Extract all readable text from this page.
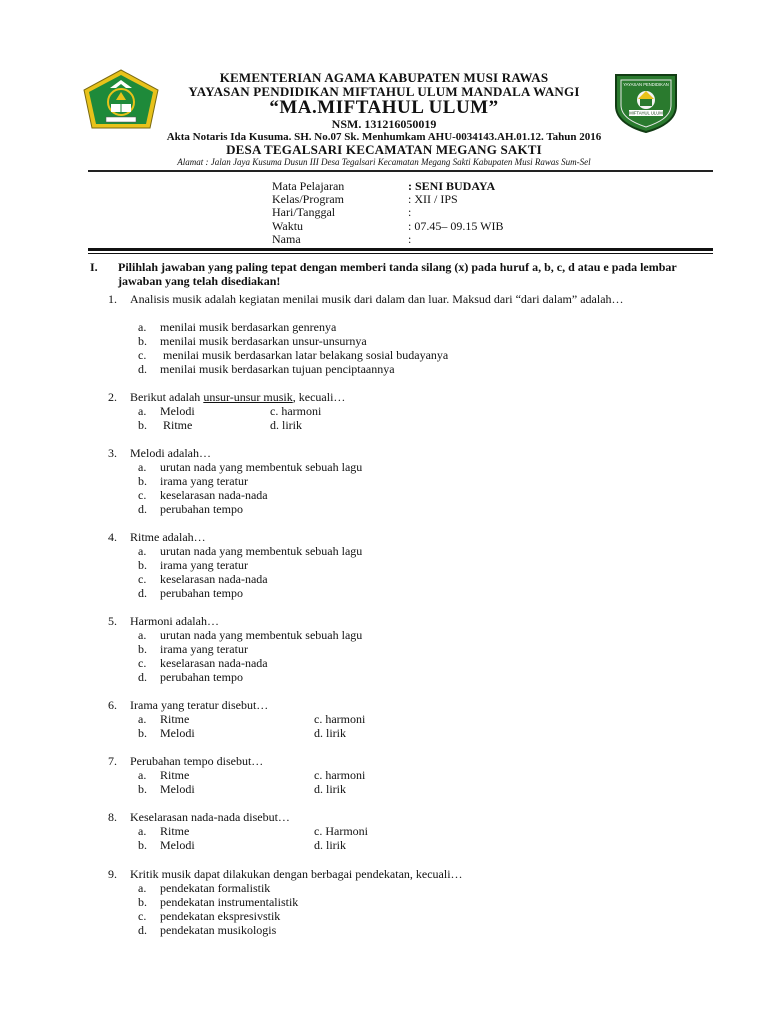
YAYASAN PENDIDIKAN
MIFTAHUL ULUM
KEMENTERIAN AGAMA KABUPATEN MUSI RAWAS
YAYASAN PENDIDIKAN MIFTAHUL ULUM MANDALA WANGI
“MA.MIFTAHUL ULUM”
NSM. 131216050019
Akta Notaris Ida Kusuma. SH. No.07 Sk. Menhumkam AHU-0034143.AH.01.12. Tahun 2016
DESA TEGALSARI KECAMATAN MEGANG SAKTI
Alamat : Jalan Jaya Kusuma Dusun III Desa Tegalsari Kecamatan Megang Sakti Kabupaten Musi Rawas Sum-Sel
Mata Pelajaran	: SENI BUDAYA
Kelas/Program	: XII / IPS
Hari/Tanggal	:
Waktu	: 07.45– 09.15 WIB
Nama	:
I. Pilihlah jawaban yang paling tepat dengan memberi tanda silang (x) pada huruf a, b, c, d atau e pada lembar jawaban yang telah disediakan!
1. Analisis musik adalah kegiatan menilai musik dari dalam dan luar. Maksud dari “dari dalam” adalah…
a. menilai musik berdasarkan genrenya
b. menilai musik berdasarkan unsur-unsurnya
c. menilai musik berdasarkan latar belakang sosial budayanya
d. menilai musik berdasarkan tujuan penciptaannya
2. Berikut adalah unsur-unsur musik, kecuali…
a. Melodi
b. Ritme
c. harmoni
d. lirik
3. Melodi adalah…
a. urutan nada yang membentuk sebuah lagu
b. irama yang teratur
c. keselarasan nada-nada
d. perubahan tempo
4. Ritme adalah…
a. urutan nada yang membentuk sebuah lagu
b. irama yang teratur
c. keselarasan nada-nada
d. perubahan tempo
5. Harmoni adalah…
a. urutan nada yang membentuk sebuah lagu
b. irama yang teratur
c. keselarasan nada-nada
d. perubahan tempo
6. Irama yang teratur disebut…
a. Ritme
b. Melodi
c. harmoni
d. lirik
7. Perubahan tempo disebut…
a. Ritme
b. Melodi
c. harmoni
d. lirik
8. Keselarasan nada-nada disebut…
a. Ritme
b. Melodi
c. Harmoni
d. lirik
9. Kritik musik dapat dilakukan dengan berbagai pendekatan, kecuali…
a. pendekatan formalistik
b. pendekatan instrumentalistik
c. pendekatan ekspresivstik
d. pendekatan musikologis
